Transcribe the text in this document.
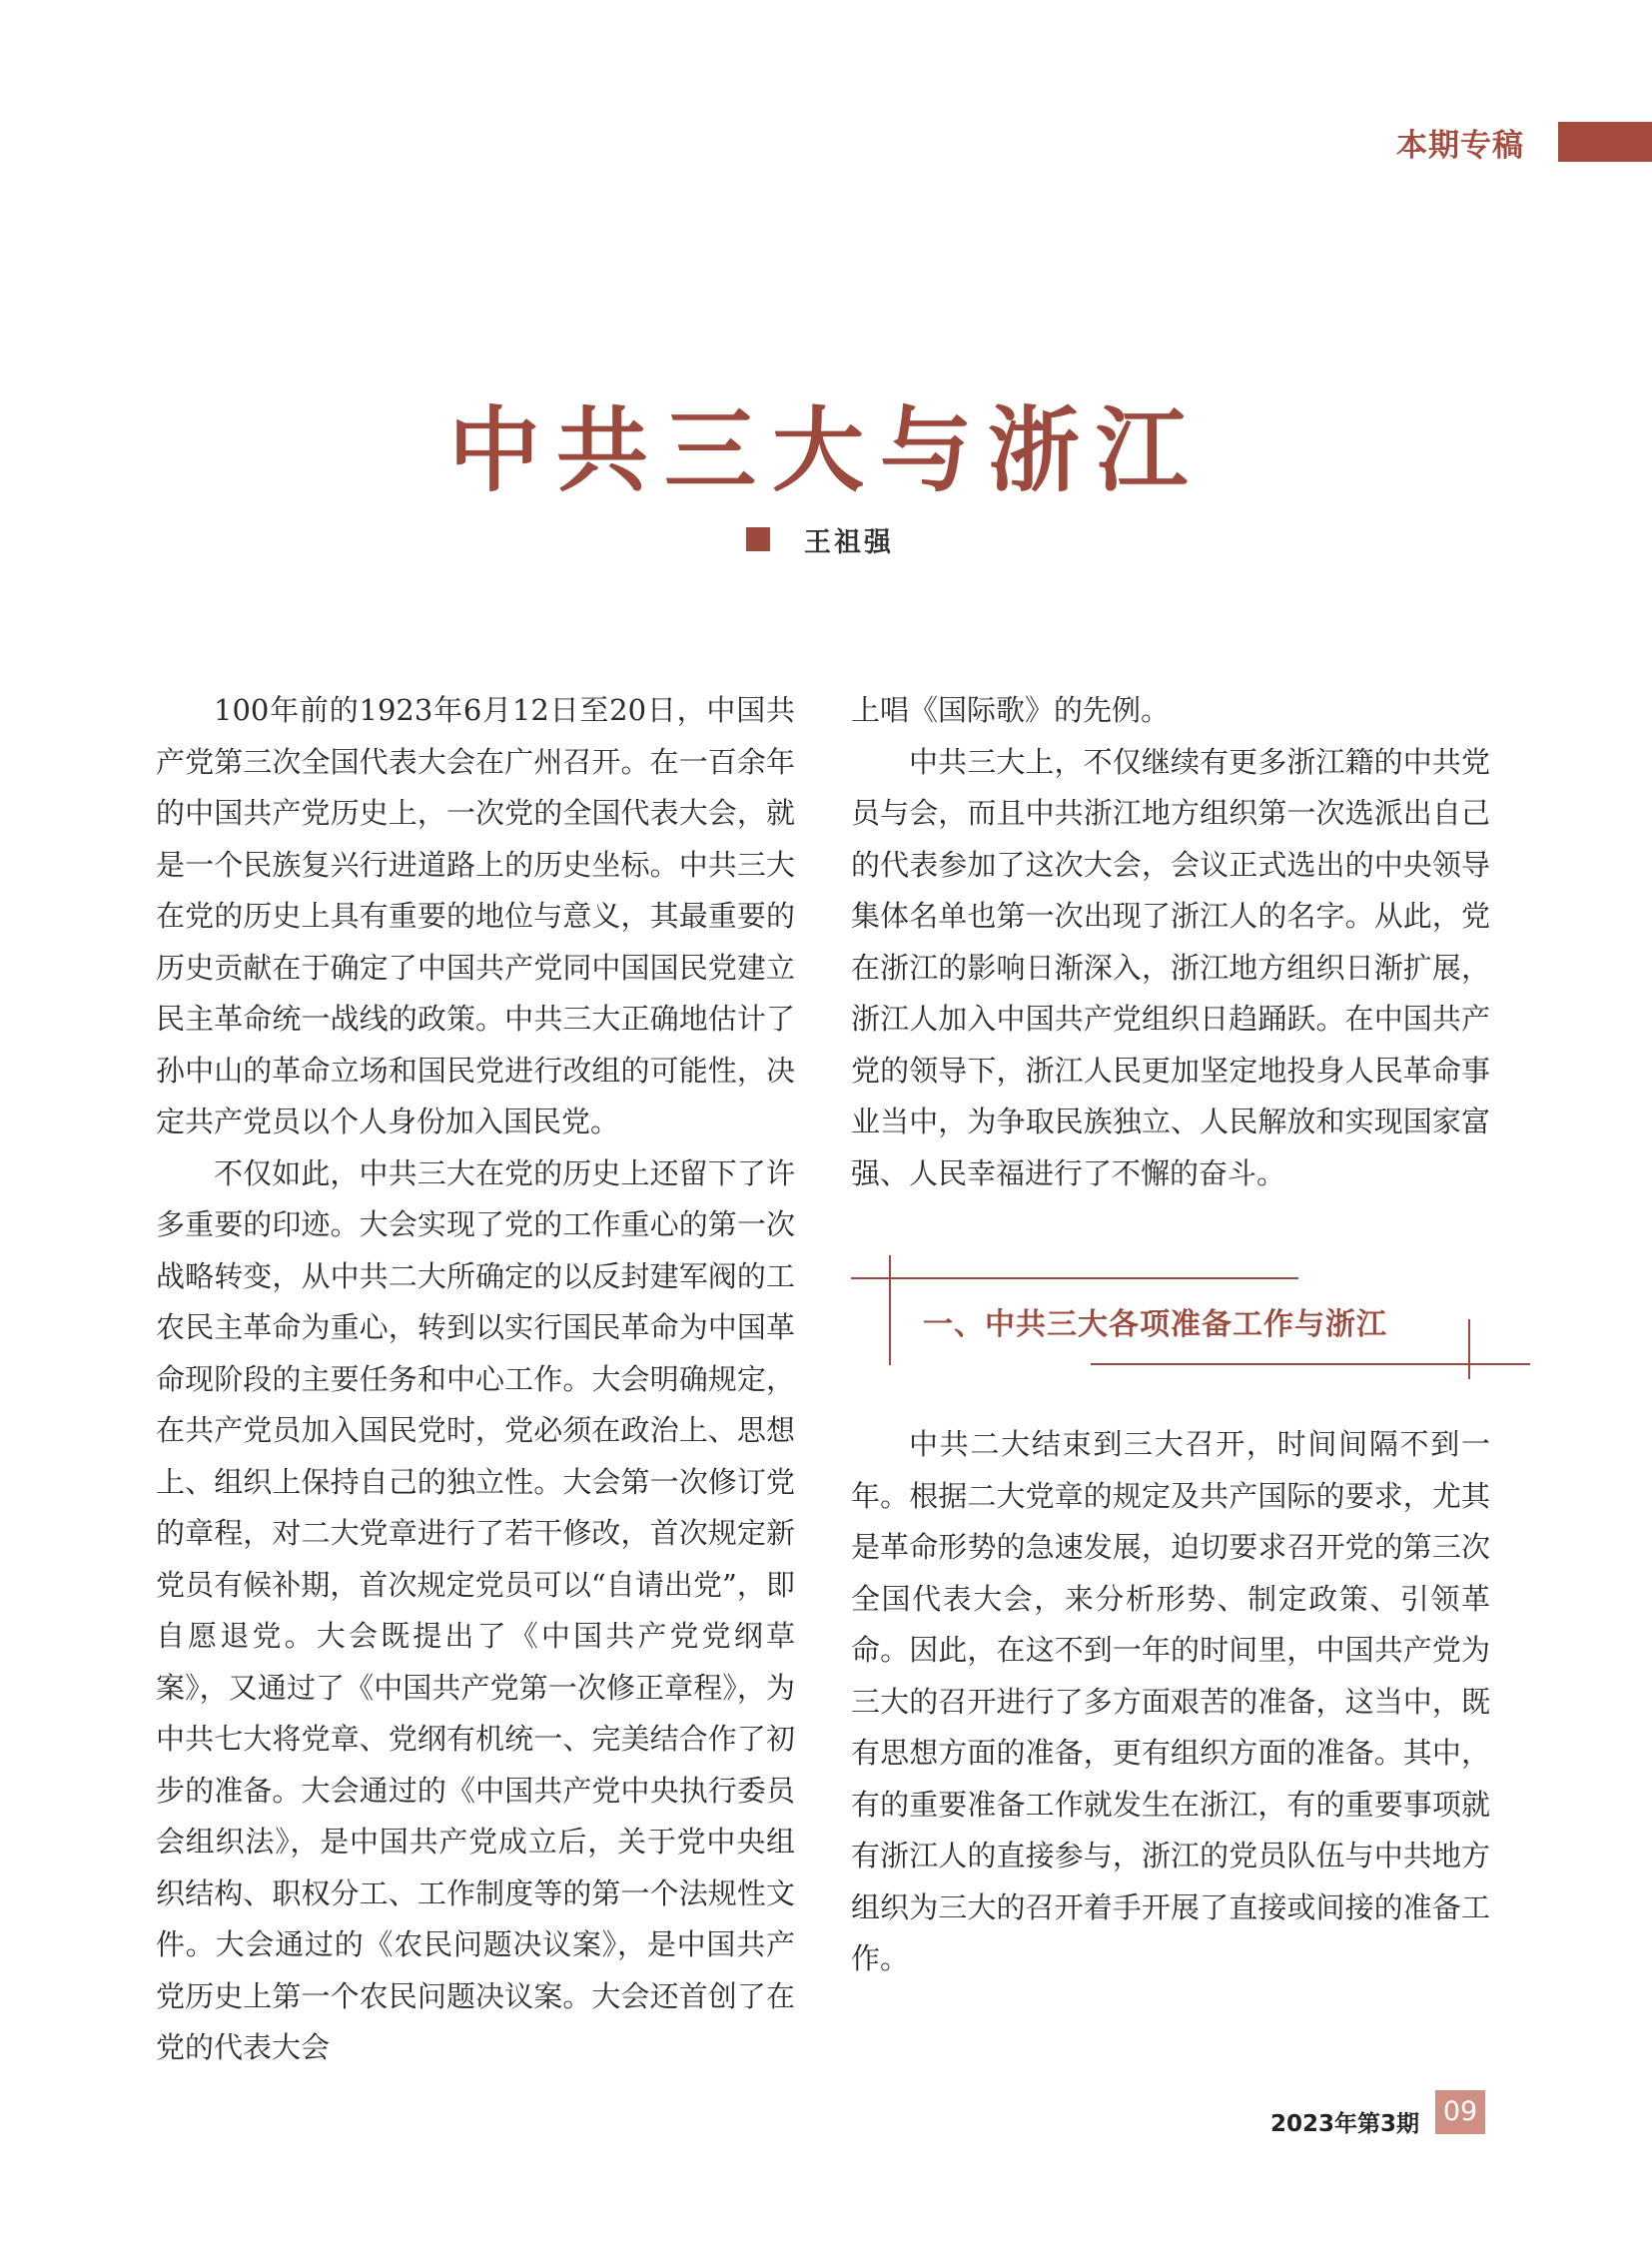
本期专稿
中共三大与浙江
王祖强

100年前的1923年6月12日至20日，中国共产党第三次全国代表大会在广州召开。在一百余年的中国共产党历史上，一次党的全国代表大会，就是一个民族复兴行进道路上的历史坐标。中共三大在党的历史上具有重要的地位与意义，其最重要的历史贡献在于确定了中国共产党同中国国民党建立民主革命统一战线的政策。中共三大正确地估计了孙中山的革命立场和国民党进行改组的可能性，决定共产党员以个人身份加入国民党。

不仅如此，中共三大在党的历史上还留下了许多重要的印迹。大会实现了党的工作重心的第一次战略转变，从中共二大所确定的以反封建军阀的工农民主革命为重心，转到以实行国民革命为中国革命现阶段的主要任务和中心工作。大会明确规定，在共产党员加入国民党时，党必须在政治上、思想上、组织上保持自己的独立性。大会第一次修订党的章程，对二大党章进行了若干修改，首次规定新党员有候补期，首次规定党员可以“自请出党”，即自愿退党。大会既提出了《中国共产党党纲草案》，又通过了《中国共产党第一次修正章程》，为中共七大将党章、党纲有机统一、完美结合作了初步的准备。大会通过的《中国共产党中央执行委员会组织法》，是中国共产党成立后，关于党中央组织结构、职权分工、工作制度等的第一个法规性文件。大会通过的《农民问题决议案》，是中国共产党历史上第一个农民问题决议案。大会还首创了在党的代表大会

上唱《国际歌》的先例。

中共三大上，不仅继续有更多浙江籍的中共党员与会，而且中共浙江地方组织第一次选派出自己的代表参加了这次大会，会议正式选出的中央领导集体名单也第一次出现了浙江人的名字。从此，党在浙江的影响日渐深入，浙江地方组织日渐扩展，浙江人加入中国共产党组织日趋踊跃。在中国共产党的领导下，浙江人民更加坚定地投身人民革命事业当中，为争取民族独立、人民解放和实现国家富强、人民幸福进行了不懈的奋斗。

一、中共三大各项准备工作与浙江

中共二大结束到三大召开，时间间隔不到一年。根据二大党章的规定及共产国际的要求，尤其是革命形势的急速发展，迫切要求召开党的第三次全国代表大会，来分析形势、制定政策、引领革命。因此，在这不到一年的时间里，中国共产党为三大的召开进行了多方面艰苦的准备，这当中，既有思想方面的准备，更有组织方面的准备。其中，有的重要准备工作就发生在浙江，有的重要事项就有浙江人的直接参与，浙江的党员队伍与中共地方组织为三大的召开着手开展了直接或间接的准备工作。

2023年第3期 09
